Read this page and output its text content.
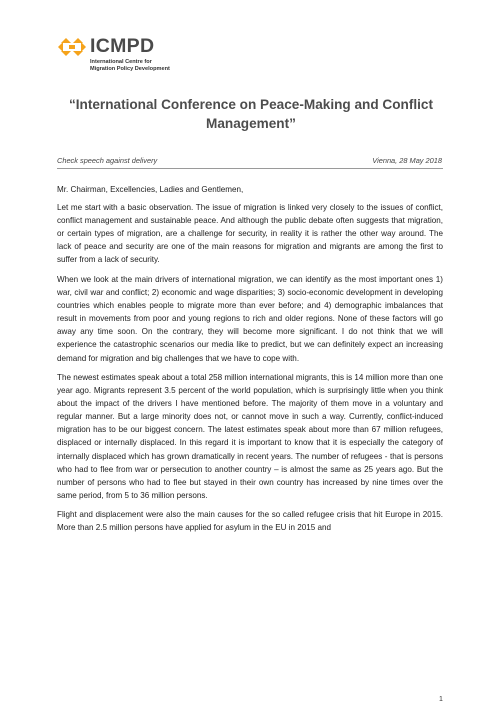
ICMPD
International Centre for
Migration Policy Development
“International Conference on Peace-Making and Conflict Management”
Check speech against delivery	Vienna, 28 May 2018

Mr. Chairman, Excellencies, Ladies and Gentlemen,

Let me start with a basic observation. The issue of migration is linked very closely to the issues of conflict, conflict management and sustainable peace. And although the public debate often suggests that migration, or certain types of migration, are a challenge for security, in reality it is rather the other way around. The lack of peace and security are one of the main reasons for migration and migrants are among the first to suffer from a lack of security.

When we look at the main drivers of international migration, we can identify as the most important ones 1) war, civil war and conflict; 2) economic and wage disparities; 3) socio-economic development in developing countries which enables people to migrate more than ever before; and 4) demographic imbalances that result in movements from poor and young regions to rich and older regions. None of these factors will go away any time soon. On the contrary, they will become more significant. I do not think that we will experience the catastrophic scenarios our media like to predict, but we can definitely expect an increasing demand for migration and big challenges that we have to cope with.

The newest estimates speak about a total 258 million international migrants, this is 14 million more than one year ago. Migrants represent 3.5 percent of the world population, which is surprisingly little when you think about the impact of the drivers I have mentioned before. The majority of them move in a voluntary and regular manner. But a large minority does not, or cannot move in such a way. Currently, conflict-induced migration has to be our biggest concern. The latest estimates speak about more than 67 million refugees, displaced or internally displaced. In this regard it is important to know that it is especially the category of internally displaced which has grown dramatically in recent years. The number of refugees - that is persons who had to flee from war or persecution to another country – is almost the same as 25 years ago. But the number of persons who had to flee but stayed in their own country has increased by nine times over the same period, from 5 to 36 million persons.

Flight and displacement were also the main causes for the so called refugee crisis that hit Europe in 2015. More than 2.5 million persons have applied for asylum in the EU in 2015 and

1
